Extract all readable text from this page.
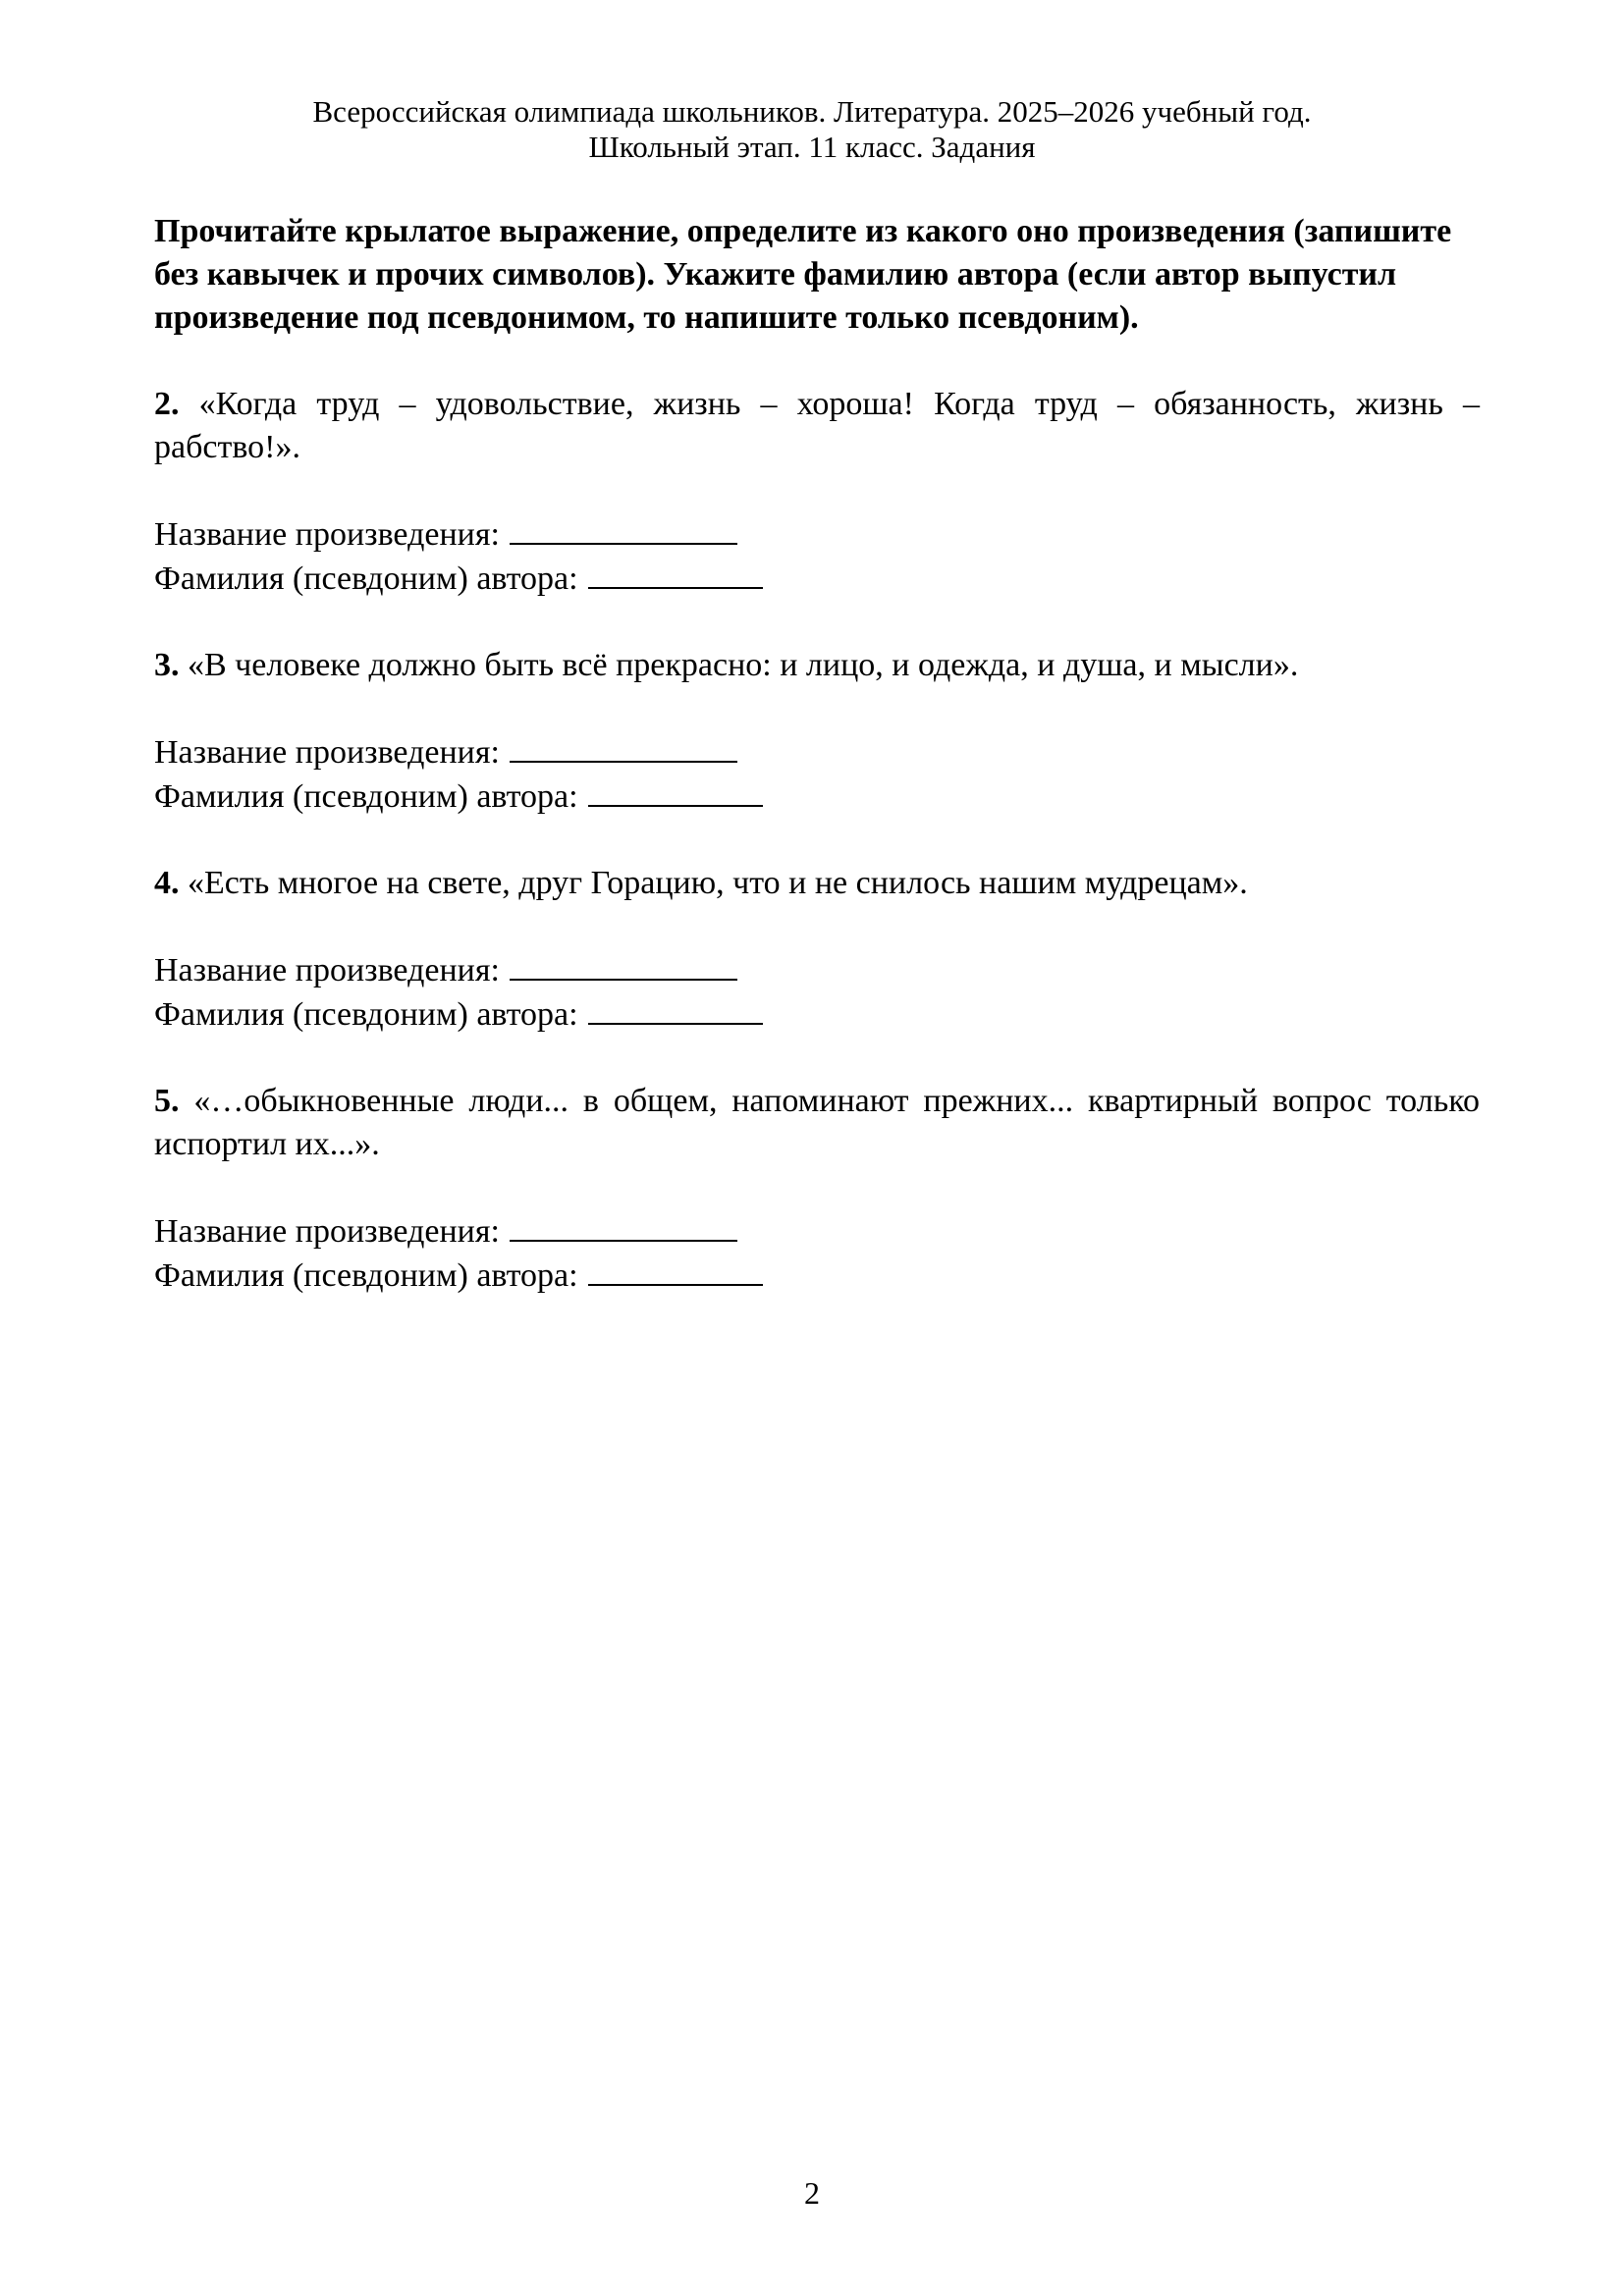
Всероссийская олимпиада школьников. Литература. 2025–2026 учебный год.
Школьный этап. 11 класс. Задания

Прочитайте крылатое выражение, определите из какого оно произведения (запишите без кавычек и прочих символов). Укажите фамилию автора (если автор выпустил произведение под псевдонимом, то напишите только псевдоним).

2. «Когда труд – удовольствие, жизнь – хороша! Когда труд – обязанность, жизнь – рабство!».

Название произведения:
Фамилия (псевдоним) автора:

3. «В человеке должно быть всё прекрасно: и лицо, и одежда, и душа, и мысли».

Название произведения:
Фамилия (псевдоним) автора:

4. «Есть многое на свете, друг Горацию, что и не снилось нашим мудрецам».

Название произведения:
Фамилия (псевдоним) автора:

5. «…обыкновенные люди... в общем, напоминают прежних... квартирный вопрос только испортил их...».

Название произведения:
Фамилия (псевдоним) автора:
2
